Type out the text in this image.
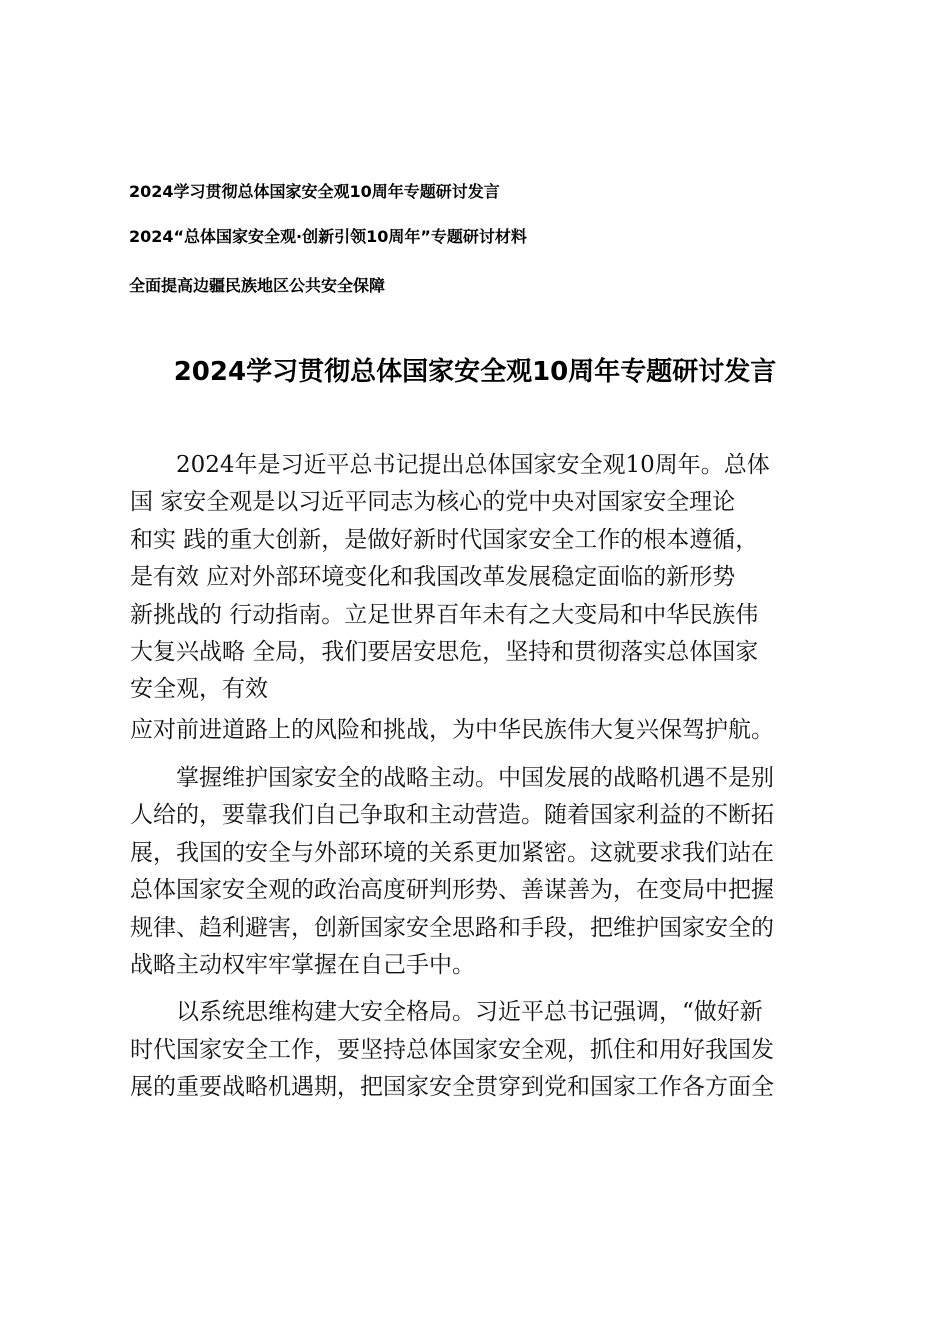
2024学习贯彻总体国家安全观10周年专题研讨发言
2024“总体国家安全观·创新引领10周年”专题研讨材料
全面提高边疆民族地区公共安全保障
2024学习贯彻总体国家安全观10周年专题研讨发言
2024年是习近平总书记提出总体国家安全观10周年。总体
国 家安全观是以习近平同志为核心的党中央对国家安全理论
和实 践的重大创新，是做好新时代国家安全工作的根本遵循，
是有效 应对外部环境变化和我国改革发展稳定面临的新形势
新挑战的 行动指南。立足世界百年未有之大变局和中华民族伟
大复兴战略 全局，我们要居安思危，坚持和贯彻落实总体国家
安全观，有效
应对前进道路上的风险和挑战，为中华民族伟大复兴保驾护航。
掌握维护国家安全的战略主动。中国发展的战略机遇不是别
人给的，要靠我们自己争取和主动营造。随着国家利益的不断拓
展，我国的安全与外部环境的关系更加紧密。这就要求我们站在
总体国家安全观的政治高度研判形势、善谋善为，在变局中把握
规律、趋利避害，创新国家安全思路和手段，把维护国家安全的
战略主动权牢牢掌握在自己手中。
以系统思维构建大安全格局。习近平总书记强调，“做好新
时代国家安全工作，要坚持总体国家安全观，抓住和用好我国发
展的重要战略机遇期，把国家安全贯穿到党和国家工作各方面全
